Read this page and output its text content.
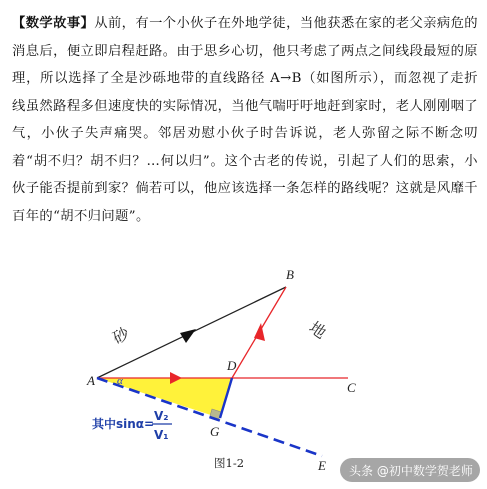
【数学故事】从前，有一个小伙子在外地学徒，当他获悉在家的老父亲病危的消息后，便立即启程赶路。由于思乡心切，他只考虑了两点之间线段最短的原理，所以选择了全是沙砾地带的直线路径 A→B（如图所示），而忽视了走折线虽然路程多但速度快的实际情况，当他气喘吁吁地赶到家时，老人刚刚咽了气，小伙子失声痛哭。邻居劝慰小伙子时告诉说，老人弥留之际不断念叨着“胡不归？胡不归？…何以归”。这个古老的传说，引起了人们的思索，小伙子能否提前到家？倘若可以，他应该选择一条怎样的路线呢？这就是风靡千百年的“胡不归问题”。

A
B
C
D
G
E
α
砂	地
其中sinα=
V₂
V₁
图1-2
头条 @初中数学贺老师
